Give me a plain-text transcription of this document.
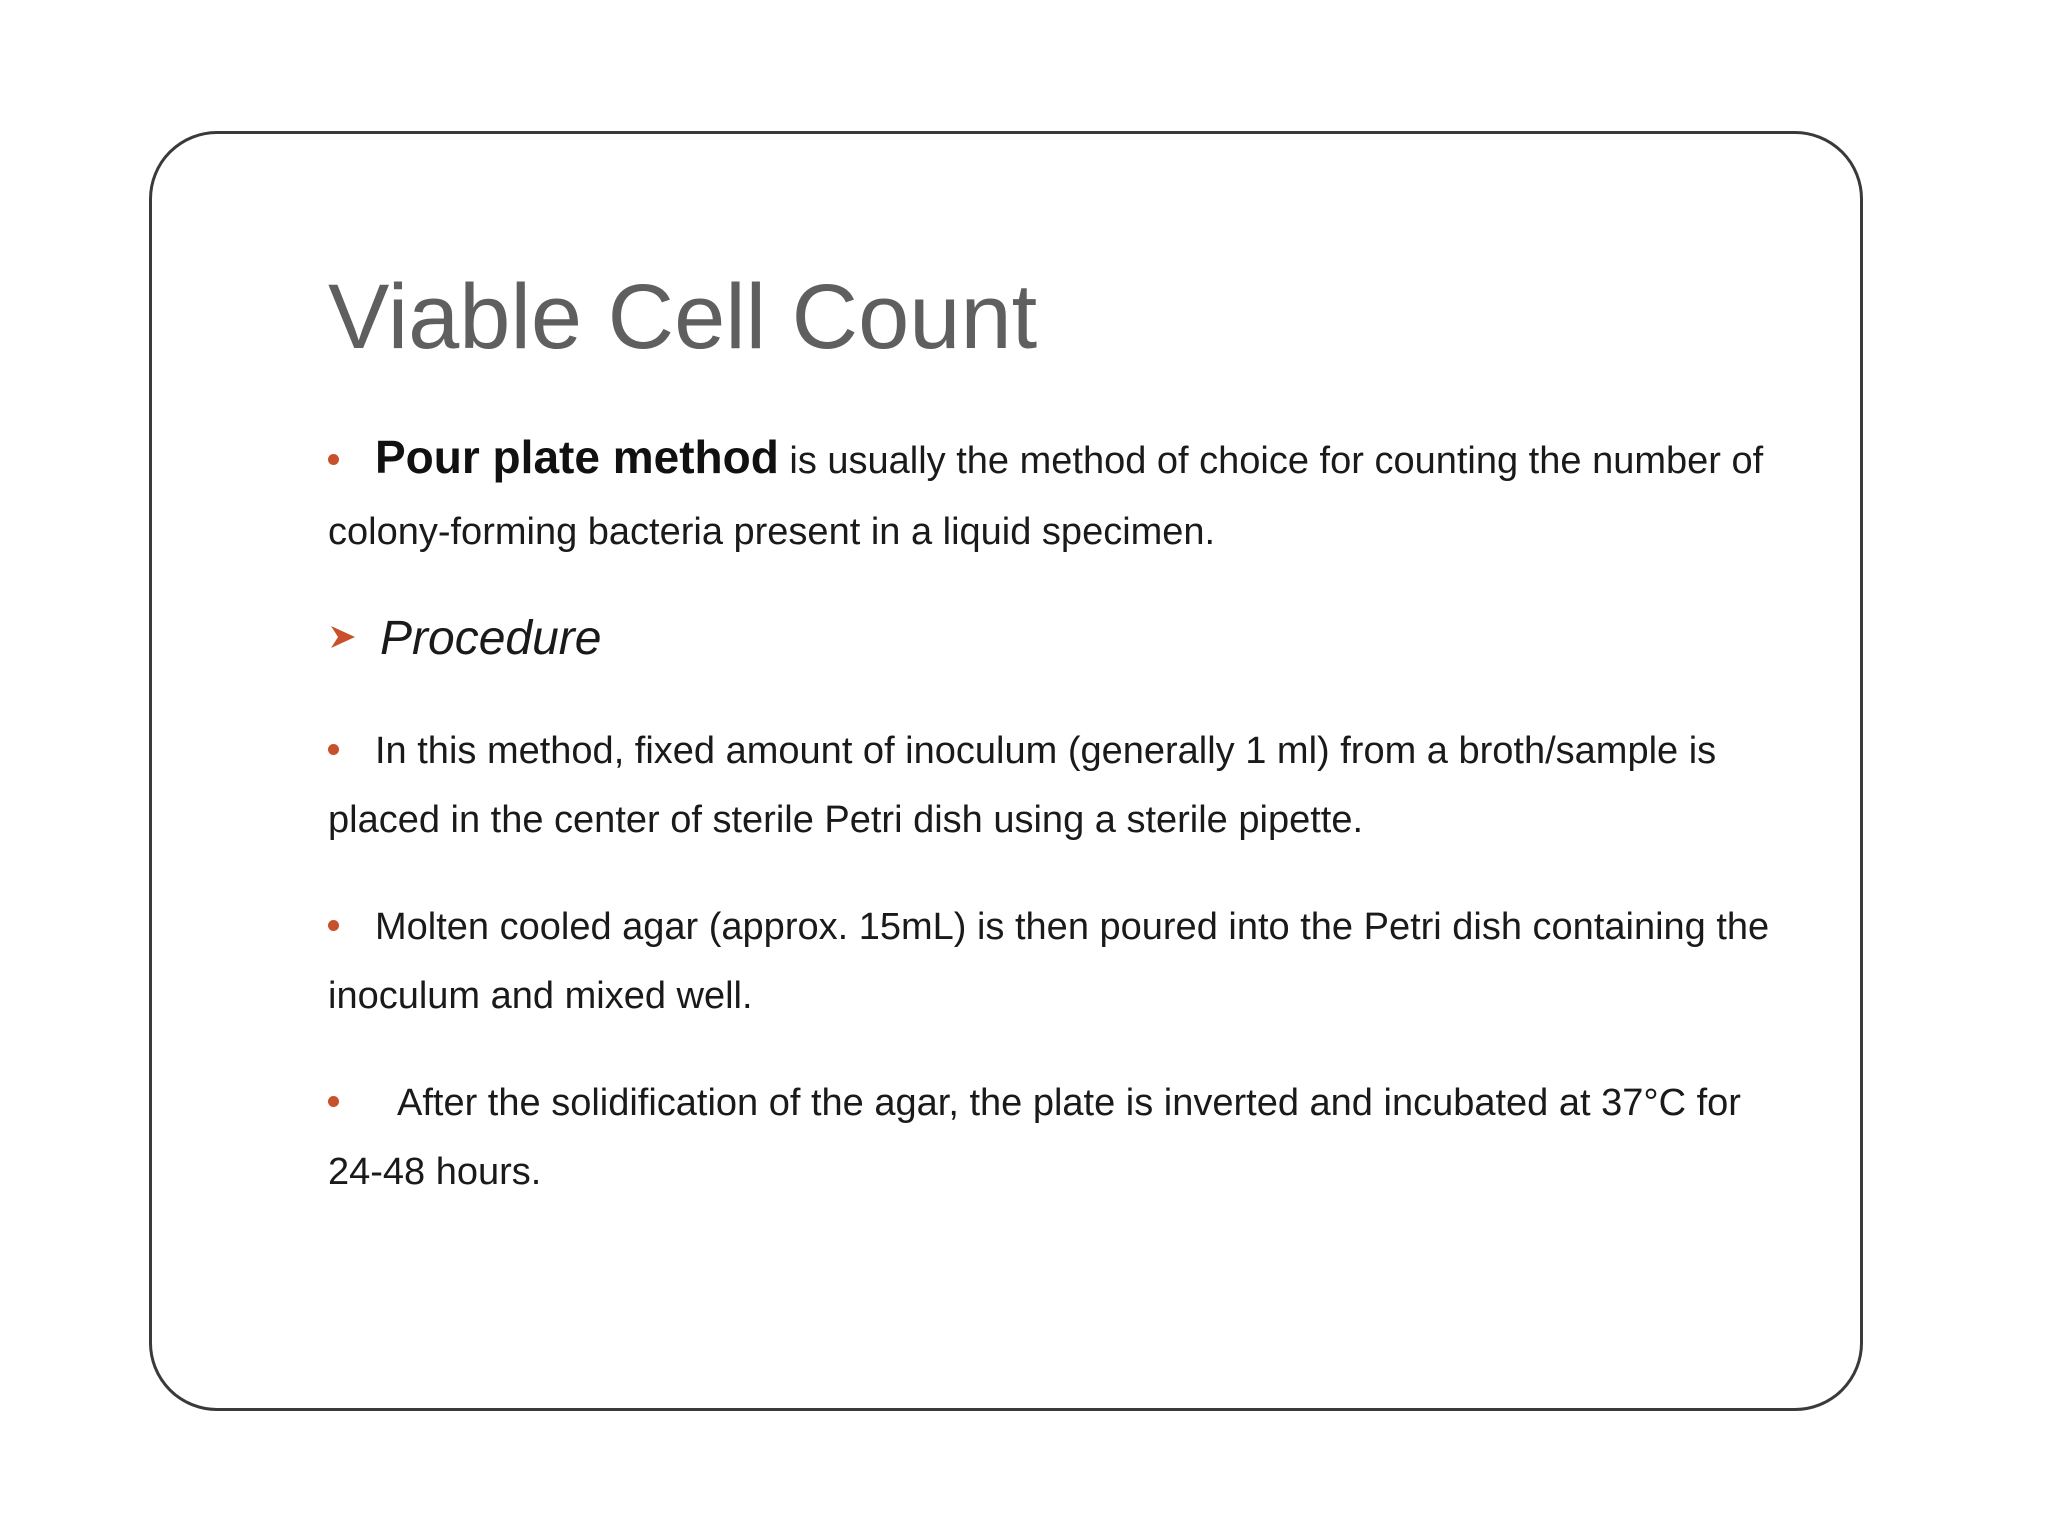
Viable Cell Count

Pour plate method is usually the method of choice for counting the number of colony-forming bacteria present in a liquid specimen.

Procedure

In this method, fixed amount of inoculum (generally 1 ml) from a broth/sample is placed in the center of sterile Petri dish using a sterile pipette.

Molten cooled agar (approx. 15mL) is then poured into the Petri dish containing the inoculum and mixed well.

After the solidification of the agar, the plate is inverted and incubated at 37°C for 24-48 hours.
